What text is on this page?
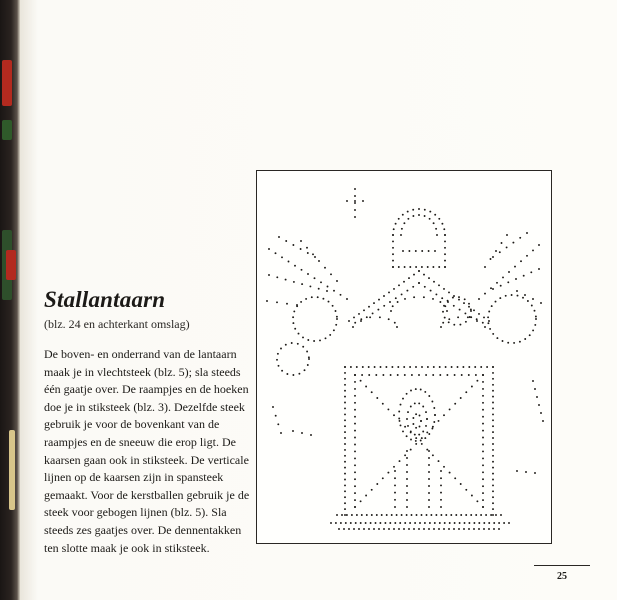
Stallantaarn

(blz. 24 en achterkant omslag)

De boven- en onderrand van de lantaarn maak je in vlechtsteek (blz. 5); sla steeds één gaatje over. De raampjes en de hoeken doe je in stiksteek (blz. 3). Dezelfde steek gebruik je voor de bovenkant van de raampjes en de sneeuw die erop ligt. De kaarsen gaan ook in stiksteek. De verticale lijnen op de kaarsen zijn in spansteek gemaakt. Voor de kerstballen gebruik je de steek voor gebogen lijnen (blz. 5). Sla steeds zes gaatjes over. De dennentakken ten slotte maak je ook in stiksteek.

25
